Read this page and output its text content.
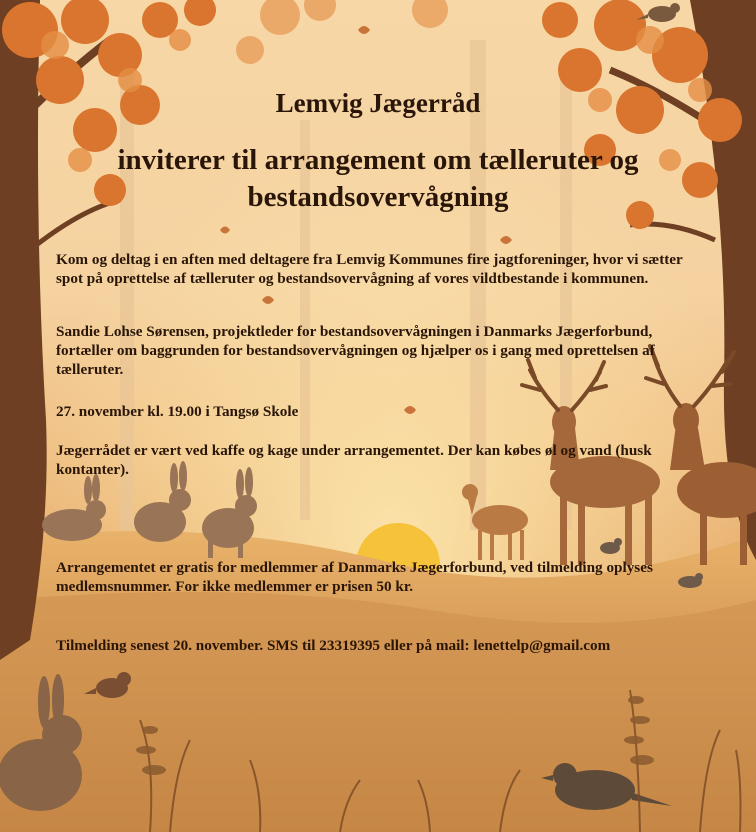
Lemvig Jægerråd
inviterer til arrangement om tælleruter og bestandsovervågning

Kom og deltag i en aften med deltagere fra Lemvig Kommunes fire jagtforeninger, hvor vi sætter spot på oprettelse af tælleruter og bestandsovervågning af vores vildtbestande i kommunen.

Sandie Lohse Sørensen, projektleder for bestandsovervågningen i Danmarks Jægerforbund, fortæller om baggrunden for bestandsovervågningen og hjælper os i gang med oprettelsen af tælleruter.

27. november kl. 19.00 i Tangsø Skole

Jægerrådet er vært ved kaffe og kage under arrangementet. Der kan købes øl og vand (husk kontanter).

Arrangementet er gratis for medlemmer af Danmarks Jægerforbund, ved tilmelding oplyses medlemsnummer. For ikke medlemmer er prisen 50 kr.

Tilmelding senest 20. november. SMS til 23319395 eller på mail: lenettelp@gmail.com
